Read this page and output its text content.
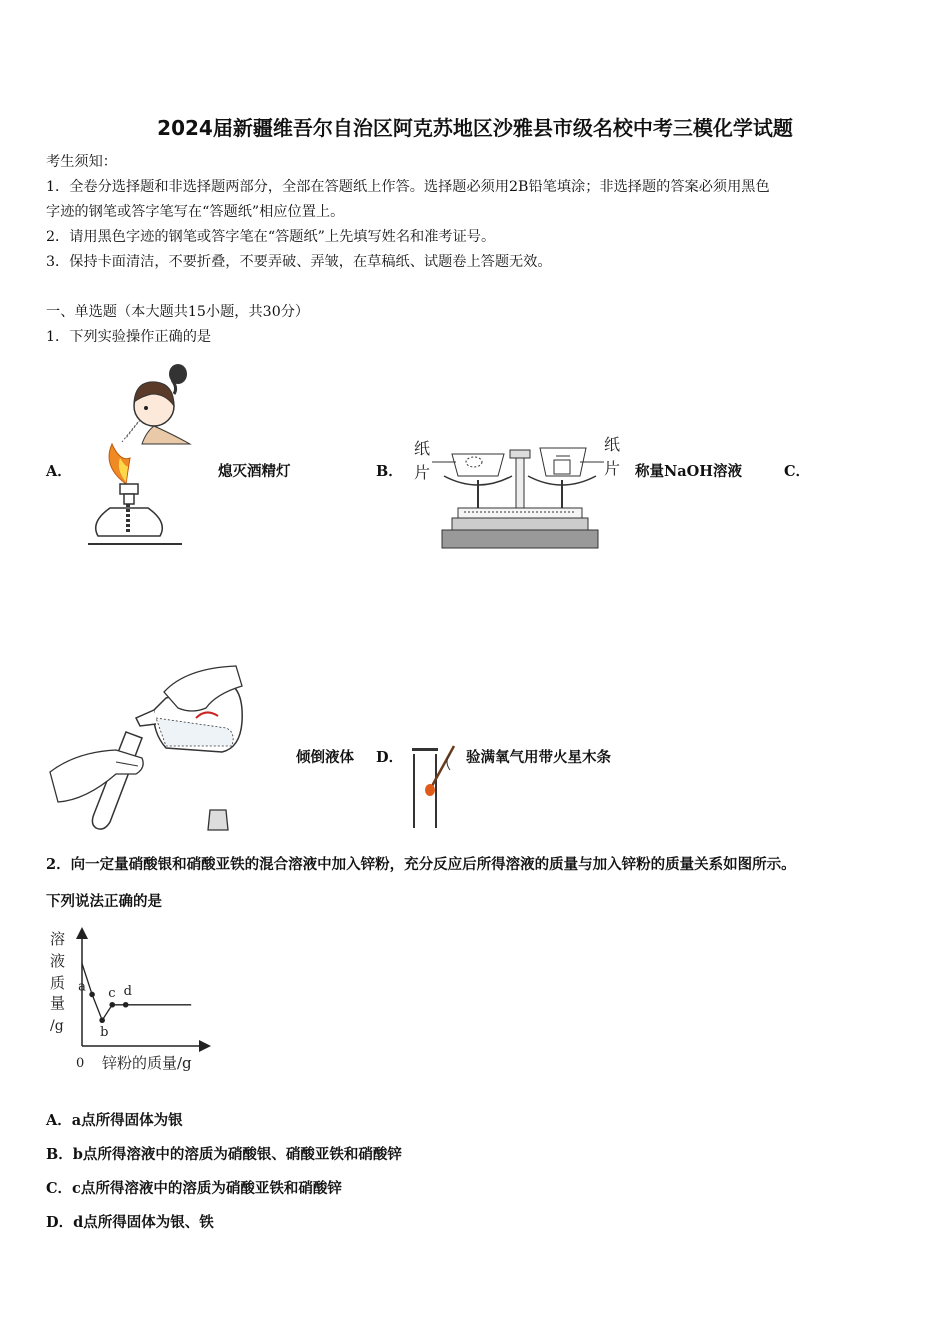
2024届新疆维吾尔自治区阿克苏地区沙雅县市级名校中考三模化学试题
考生须知：
1．全卷分选择题和非选择题两部分，全部在答题纸上作答。选择题必须用2B铅笔填涂；非选择题的答案必须用黑色
字迹的钢笔或答字笔写在“答题纸”相应位置上。
2．请用黑色字迹的钢笔或答字笔在“答题纸”上先填写姓名和准考证号。
3．保持卡面清洁，不要折叠，不要弄破、弄皱，在草稿纸、试题卷上答题无效。
一、单选题（本大题共15小题，共30分）
1．下列实验操作正确的是
A．	熄灭酒精灯	B．
纸
片
纸
片 称量NaOH溶液	C．
倾倒液体 D．	验满氧气用带火星木条
2．向一定量硝酸银和硝酸亚铁的混合溶液中加入锌粉，充分反应后所得溶液的质量与加入锌粉的质量关系如图所示。
下列说法正确的是
溶
液
质
量
/g
0 锌粉的质量/g
a
b
c d
A．a点所得固体为银
B．b点所得溶液中的溶质为硝酸银、硝酸亚铁和硝酸锌
C．c点所得溶液中的溶质为硝酸亚铁和硝酸锌
D．d点所得固体为银、铁
